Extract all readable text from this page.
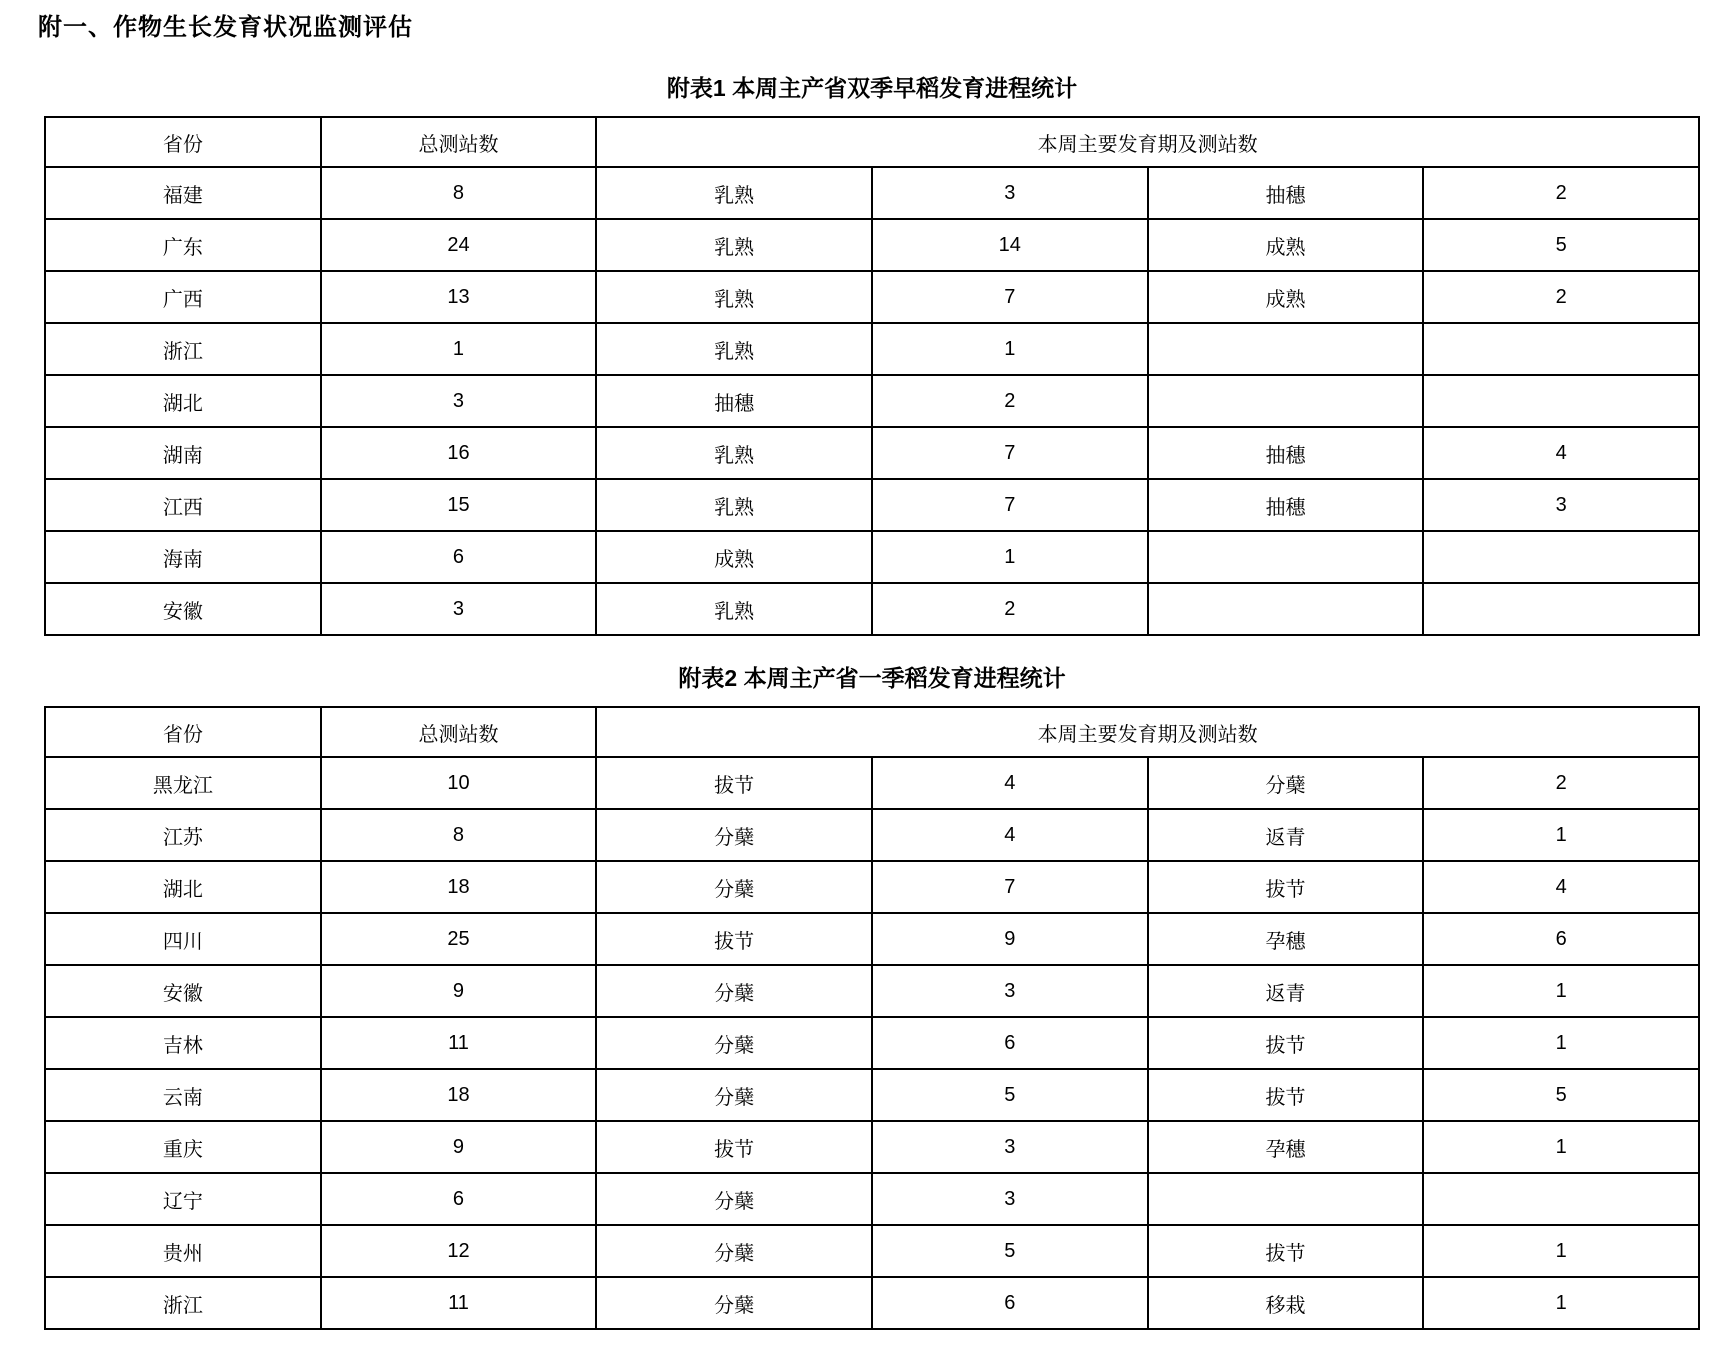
附一、作物生长发育状况监测评估
附表1 本周主产省双季早稻发育进程统计
省份	总测站数	本周主要发育期及测站数			
福建	8	乳熟	3	抽穗	2
广东	24	乳熟	14	成熟	5
广西	13	乳熟	7	成熟	2
浙江	1	乳熟	1		
湖北	3	抽穗	2		
湖南	16	乳熟	7	抽穗	4
江西	15	乳熟	7	抽穗	3
海南	6	成熟	1		
安徽	3	乳熟	2		
附表2 本周主产省一季稻发育进程统计
省份	总测站数	本周主要发育期及测站数			
黑龙江	10	拔节	4	分蘖	2
江苏	8	分蘖	4	返青	1
湖北	18	分蘖	7	拔节	4
四川	25	拔节	9	孕穗	6
安徽	9	分蘖	3	返青	1
吉林	11	分蘖	6	拔节	1
云南	18	分蘖	5	拔节	5
重庆	9	拔节	3	孕穗	1
辽宁	6	分蘖	3		
贵州	12	分蘖	5	拔节	1
浙江	11	分蘖	6	移栽	1
